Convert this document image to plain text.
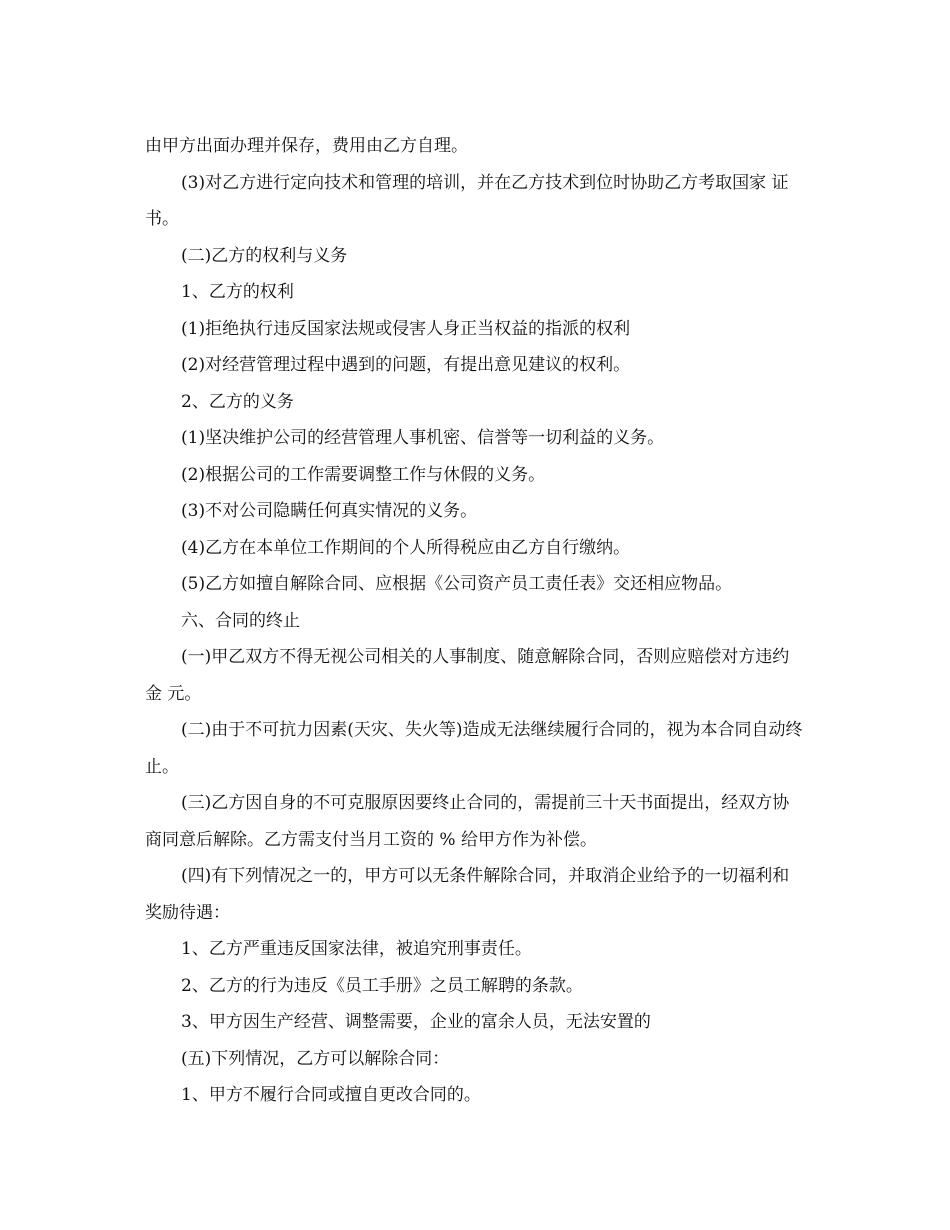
由甲方出面办理并保存，费用由乙方自理。

(3)对乙方进行定向技术和管理的培训，并在乙方技术到位时协助乙方考取国家 证书。

(二)乙方的权利与义务

1、乙方的权利

(1)拒绝执行违反国家法规或侵害人身正当权益的指派的权利

(2)对经营管理过程中遇到的问题，有提出意见建议的权利。

2、乙方的义务

(1)坚决维护公司的经营管理人事机密、信誉等一切利益的义务。

(2)根据公司的工作需要调整工作与休假的义务。

(3)不对公司隐瞒任何真实情况的义务。

(4)乙方在本单位工作期间的个人所得税应由乙方自行缴纳。

(5)乙方如擅自解除合同、应根据《公司资产员工责任表》交还相应物品。

六、合同的终止

(一)甲乙双方不得无视公司相关的人事制度、随意解除合同，否则应赔偿对方违约金 元。

(二)由于不可抗力因素(天灾、失火等)造成无法继续履行合同的，视为本合同自动终止。

(三)乙方因自身的不可克服原因要终止合同的，需提前三十天书面提出，经双方协商同意后解除。乙方需支付当月工资的 % 给甲方作为补偿。

(四)有下列情况之一的，甲方可以无条件解除合同，并取消企业给予的一切福利和奖励待遇：

1、乙方严重违反国家法律，被追究刑事责任。

2、乙方的行为违反《员工手册》之员工解聘的条款。

3、甲方因生产经营、调整需要，企业的富余人员，无法安置的

(五)下列情况，乙方可以解除合同：

1、甲方不履行合同或擅自更改合同的。
